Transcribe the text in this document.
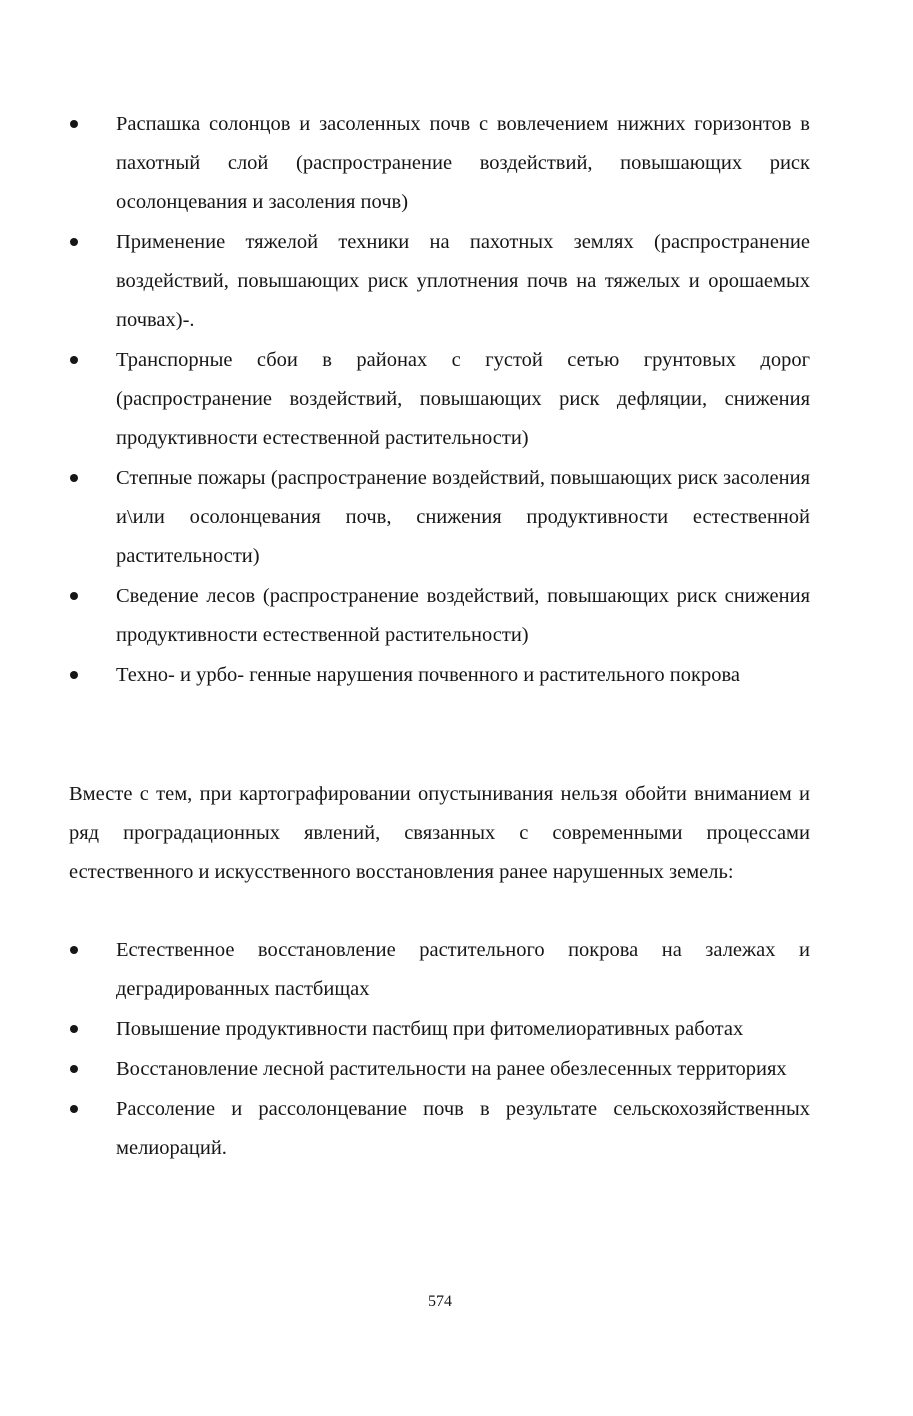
Распашка солонцов и засоленных почв с вовлечением нижних горизонтов в пахотный слой (распространение воздействий, повышающих риск осолонцевания и засоления почв)
Применение тяжелой техники на пахотных землях (распространение воздействий, повышающих риск уплотнения почв на тяжелых и орошаемых почвах)-.
Транспорные сбои в районах с густой сетью грунтовых дорог (распространение воздействий, повышающих риск дефляции, снижения продуктивности естественной растительности)
Степные пожары (распространение воздействий, повышающих риск засоления и\или осолонцевания почв, снижения продуктивности естественной растительности)
Сведение лесов (распространение воздействий, повышающих риск снижения продуктивности естественной растительности)
Техно- и урбо- генные нарушения почвенного и растительного покрова

Вместе с тем, при картографировании опустынивания нельзя обойти вниманием и ряд проградационных явлений, связанных с современными процессами естественного и искусственного восстановления ранее нарушенных земель:

Естественное восстановление растительного покрова на залежах и деградированных пастбищах
Повышение продуктивности пастбищ при фитомелиоративных работах
Восстановление лесной растительности на ранее обезлесенных территориях
Рассоление и рассолонцевание почв в результате сельскохозяйственных мелиораций.
574
